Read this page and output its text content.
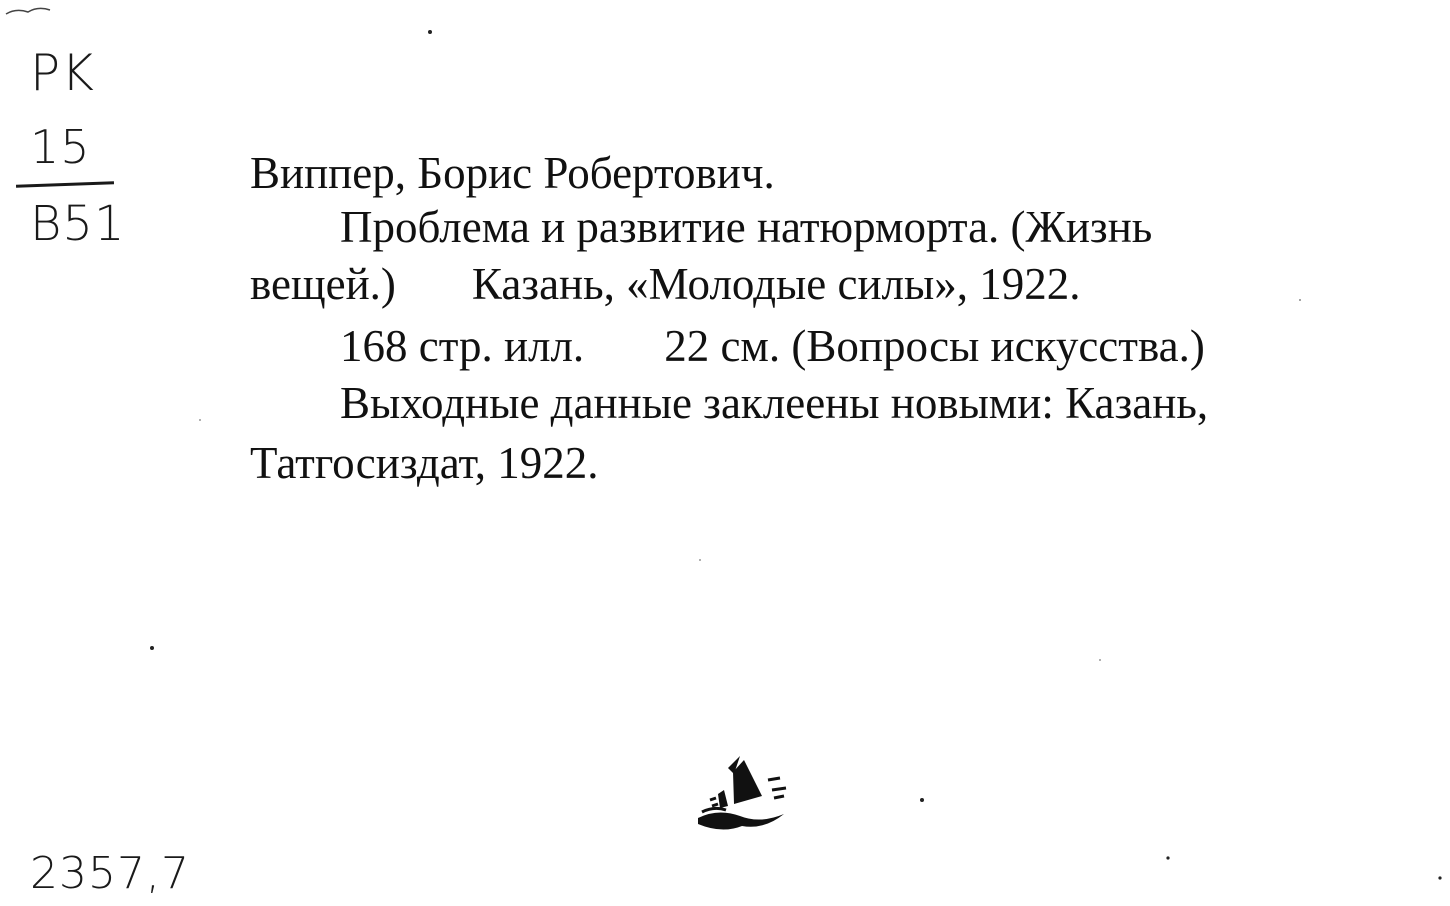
PK
15
B51
Виппер, Борис Робертович.
Проблема и развитие натюрморта. (Жизнь
вещей.) Казань, «Молодые силы», 1922.
168 стр. илл. 22 см. (Вопросы искусства.)
Выходные данные заклеены новыми: Казань,
Татгосиздат, 1922.
2357,7
